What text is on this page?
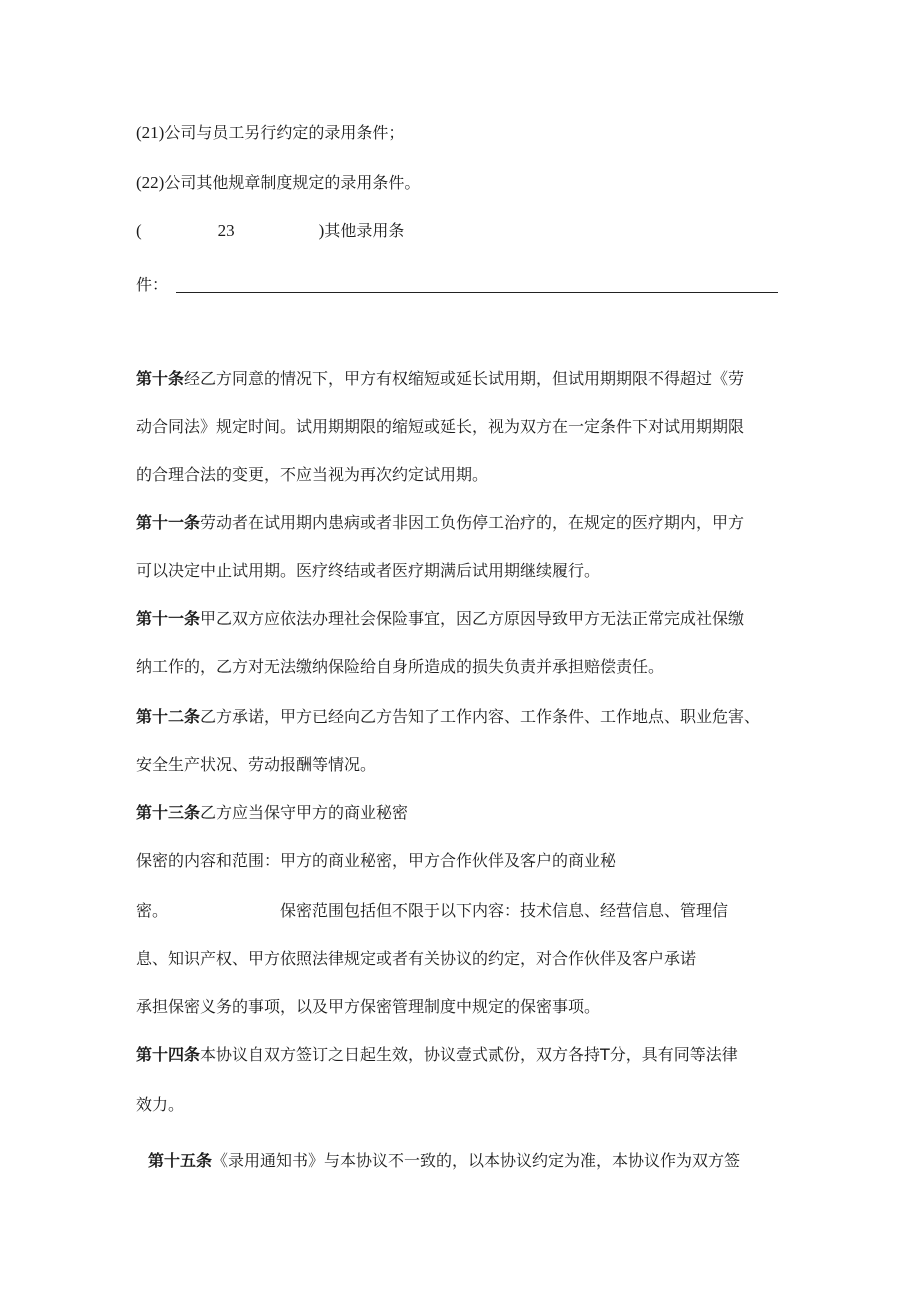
(21)公司与员工另行约定的录用条件；
(22)公司其他规章制度规定的录用条件。
(	23	)其他录用条
件：
第十条经乙方同意的情况下，甲方有权缩短或延长试用期，但试用期期限不得超过《劳
动合同法》规定时间。试用期期限的缩短或延长，视为双方在一定条件下对试用期期限
的合理合法的变更，不应当视为再次约定试用期。
第十一条劳动者在试用期内患病或者非因工负伤停工治疗的，在规定的医疗期内，甲方
可以决定中止试用期。医疗终结或者医疗期满后试用期继续履行。
第十一条甲乙双方应依法办理社会保险事宜，因乙方原因导致甲方无法正常完成社保缴
纳工作的，乙方对无法缴纳保险给自身所造成的损失负责并承担赔偿责任。
第十二条乙方承诺，甲方已经向乙方告知了工作内容、工作条件、工作地点、职业危害、
安全生产状况、劳动报酬等情况。
第十三条乙方应当保守甲方的商业秘密
保密的内容和范围：甲方的商业秘密，甲方合作伙伴及客户的商业秘
密。	保密范围包括但不限于以下内容：技术信息、经营信息、管理信
息、知识产权、甲方依照法律规定或者有关协议的约定，对合作伙伴及客户承诺
承担保密义务的事项，以及甲方保密管理制度中规定的保密事项。
第十四条本协议自双方签订之日起生效，协议壹式贰份，双方各持T分，具有同等法律
效力。
第十五条《录用通知书》与本协议不一致的，以本协议约定为准，本协议作为双方签
